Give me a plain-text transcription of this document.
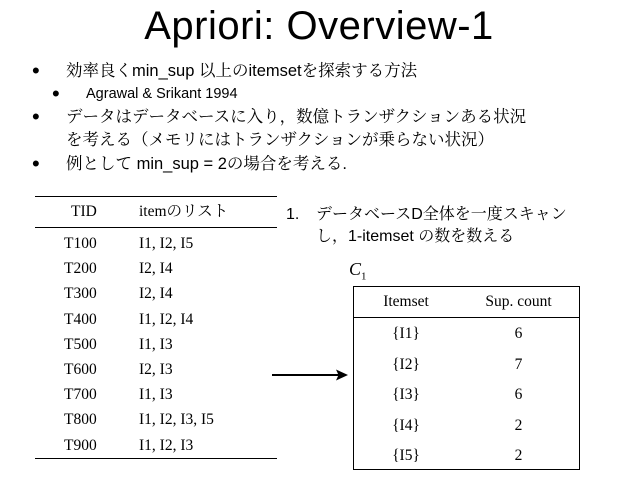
Apriori: Overview-1
• 効率良くmin_sup 以上のitemsetを探索する方法
• Agrawal & Srikant 1994
• データはデータベースに入り，数億トランザクションある状況
を考える（メモリにはトランザクションが乗らない状況）
• 例として min_sup = 2の場合を考える.
TID	itemのリスト
T100	I1, I2, I5
T200	I2, I4
T300	I2, I4
T400	I1, I2, I4
T500	I1, I3
T600	I2, I3
T700	I1, I3
T800	I1, I2, I3, I5
T900	I1, I2, I3
1.	データベースD全体を一度スキャン
し，1-itemset の数を数える
$C_1$
Itemset	Sup. count
{I1}	6
{I2}	7
{I3}	6
{I4}	2
{I5}	2
